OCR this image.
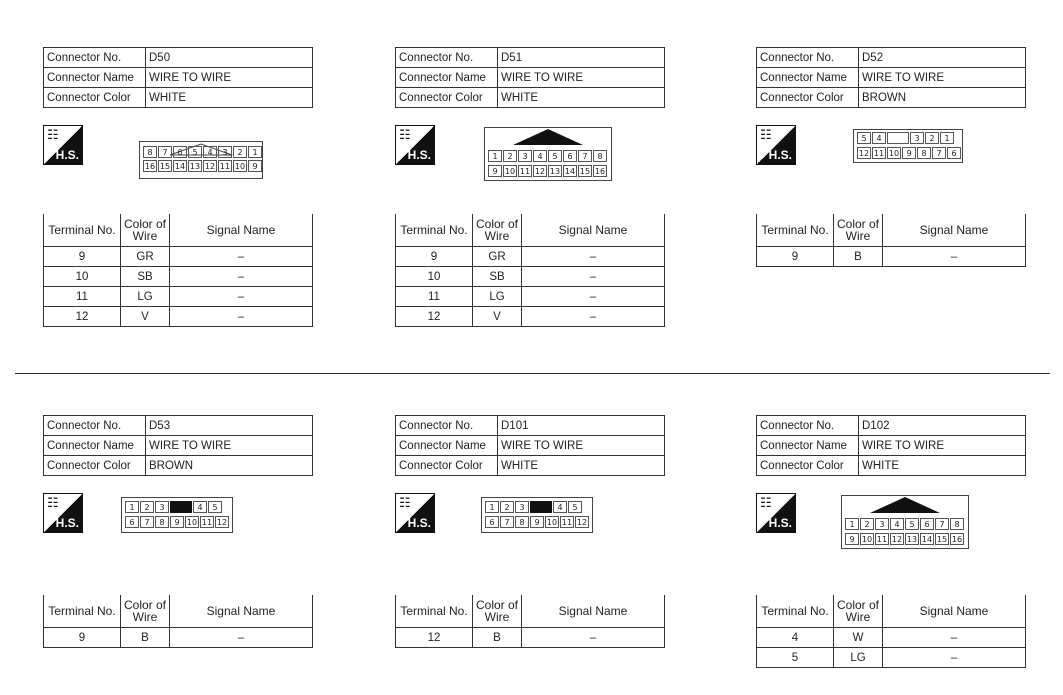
Connector No.	D50
Connector Name	WIRE TO WIRE
Connector Color	WHITE
☷
H.S.	8	7	6	5	4	3	2	1
16 15 14 13 12 11 10 9
Terminal No.	Color of Wire	Signal Name
9	GR	–
10	SB	–
11	LG	–
12	V	–
Connector No.	D51
Connector Name	WIRE TO WIRE
Connector Color	WHITE
☷
H.S.	1	2	3	4	5	6	7	8
9 10 11 12 13 14 15 16
Terminal No.	Color of Wire	Signal Name
9	GR	–
10	SB	–
11	LG	–
12	V	–
Connector No.	D52
Connector Name	WIRE TO WIRE
Connector Color	BROWN
☷
H.S.
5	4	3	2	1
12 11 10 9	8	7	6
Terminal No.	Color of Wire	Signal Name
9	B	–
Connector No.	D53
Connector Name	WIRE TO WIRE
Connector Color	BROWN
☷
H.S.
1	2	3	4	5
6	7	8	9 10 11 12
Terminal No.	Color of Wire	Signal Name
9	B	–
Connector No.	D101
Connector Name	WIRE TO WIRE
Connector Color	WHITE
☷
H.S.
1	2	3	4	5
6	7	8	9 10 11 12
Terminal No.	Color of Wire	Signal Name
12	B	–
Connector No.	D102
Connector Name	WIRE TO WIRE
Connector Color	WHITE
☷
H.S.	1	2	3	4	5	6	7	8
9 10 11 12 13 14 15 16
Terminal No.	Color of Wire	Signal Name
4	W	–
5	LG	–
